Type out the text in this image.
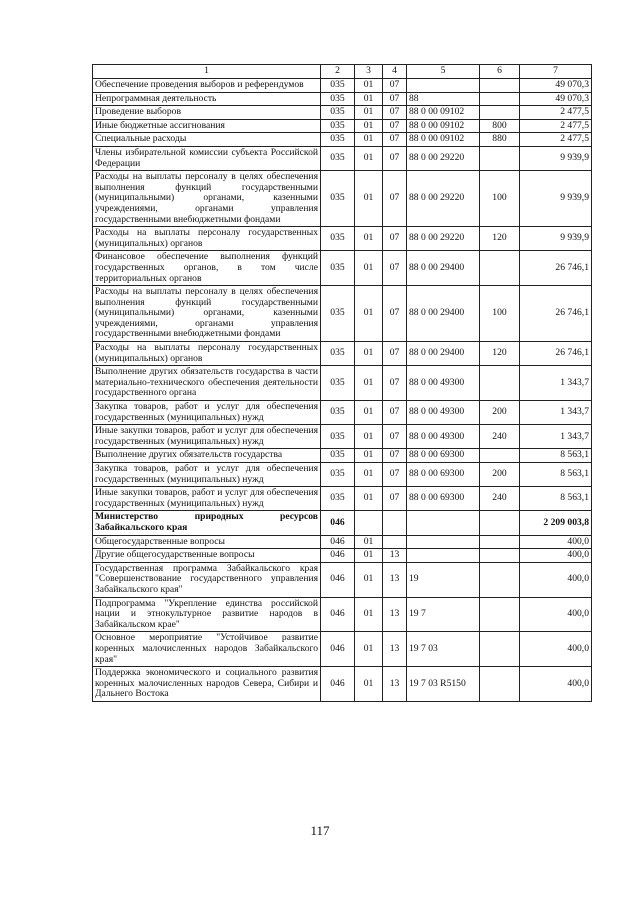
1	2	3	4	5	6	7
Обеспечение проведения выборов и референдумов	035	01	07			49 070,3
Непрограммная деятельность	035	01	07	88		49 070,3
Проведение выборов	035	01	07	88 0 00 09102		2 477,5
Иные бюджетные ассигнования	035	01	07	88 0 00 09102	800	2 477,5
Специальные расходы	035	01	07	88 0 00 09102	880	2 477,5
Члены избирательной комиссии субъекта Российской Федерации	035	01	07	88 0 00 29220		9 939,9
Расходы на выплаты персоналу в целях обеспечения выполнения функций государственными (муниципальными) органами, казенными учреждениями, органами управления государственными внебюджетными фондами	035	01	07	88 0 00 29220	100	9 939,9
Расходы на выплаты персоналу государственных (муниципальных) органов	035	01	07	88 0 00 29220	120	9 939,9
Финансовое обеспечение выполнения функций государственных органов, в том числе территориальных органов	035	01	07	88 0 00 29400		26 746,1
Расходы на выплаты персоналу в целях обеспечения выполнения функций государственными (муниципальными) органами, казенными учреждениями, органами управления государственными внебюджетными фондами	035	01	07	88 0 00 29400	100	26 746,1
Расходы на выплаты персоналу государственных (муниципальных) органов	035	01	07	88 0 00 29400	120	26 746,1
Выполнение других обязательств государства в части материально-технического обеспечения деятельности государственного органа	035	01	07	88 0 00 49300		1 343,7
Закупка товаров, работ и услуг для обеспечения государственных (муниципальных) нужд	035	01	07	88 0 00 49300	200	1 343,7
Иные закупки товаров, работ и услуг для обеспечения государственных (муниципальных) нужд	035	01	07	88 0 00 49300	240	1 343,7
Выполнение других обязательств государства	035	01	07	88 0 00 69300		8 563,1
Закупка товаров, работ и услуг для обеспечения государственных (муниципальных) нужд	035	01	07	88 0 00 69300	200	8 563,1
Иные закупки товаров, работ и услуг для обеспечения государственных (муниципальных) нужд	035	01	07	88 0 00 69300	240	8 563,1
Министерство природных ресурсов Забайкальского края	046					2 209 003,8
Общегосударственные вопросы	046	01				400,0
Другие общегосударственные вопросы	046	01	13			400,0
Государственная программа Забайкальского края "Совершенствование государственного управления Забайкальского края"	046	01	13	19		400,0
Подпрограмма "Укрепление единства российской нации и этнокультурное развитие народов в Забайкальском крае"	046	01	13	19 7		400,0
Основное мероприятие "Устойчивое развитие коренных малочисленных народов Забайкальского края"	046	01	13	19 7 03		400,0
Поддержка экономического и социального развития коренных малочисленных народов Севера, Сибири и Дальнего Востока	046	01	13	19 7 03 R5150		400,0
117
